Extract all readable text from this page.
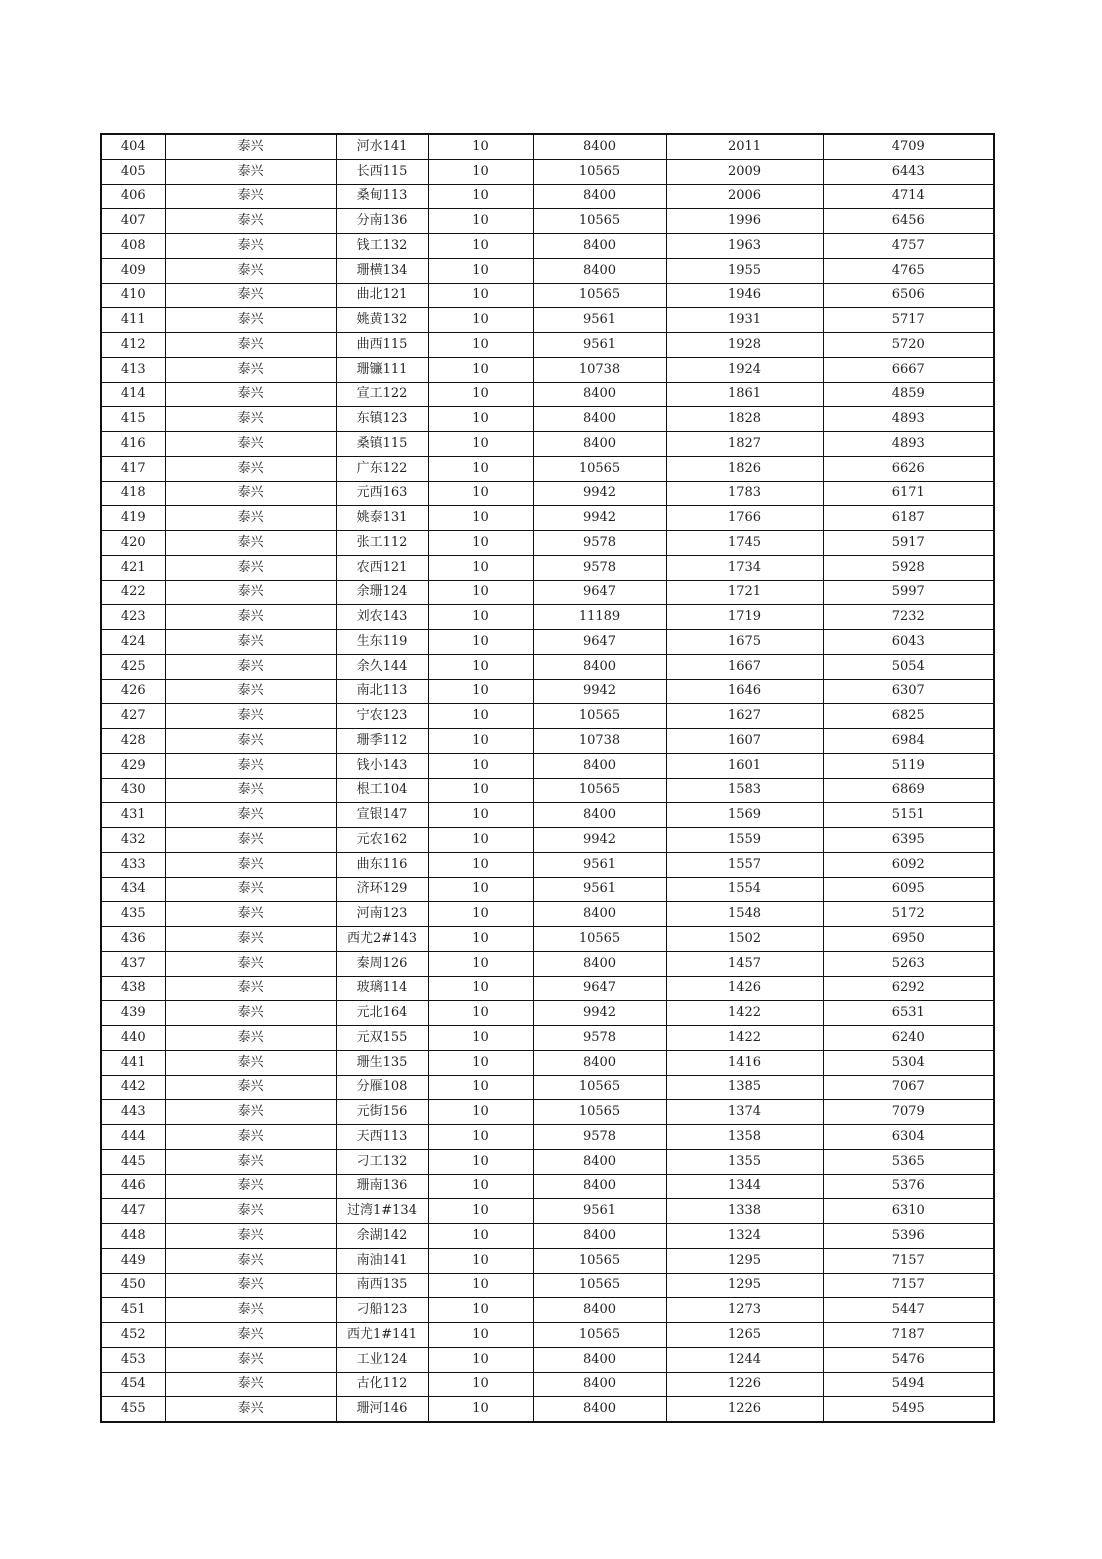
404	泰兴	河水141	10	8400	2011	4709
405	泰兴	长西115	10	10565	2009	6443
406	泰兴	桑甸113	10	8400	2006	4714
407	泰兴	分南136	10	10565	1996	6456
408	泰兴	钱工132	10	8400	1963	4757
409	泰兴	珊横134	10	8400	1955	4765
410	泰兴	曲北121	10	10565	1946	6506
411	泰兴	姚黄132	10	9561	1931	5717
412	泰兴	曲西115	10	9561	1928	5720
413	泰兴	珊镰111	10	10738	1924	6667
414	泰兴	宣工122	10	8400	1861	4859
415	泰兴	东镇123	10	8400	1828	4893
416	泰兴	桑镇115	10	8400	1827	4893
417	泰兴	广东122	10	10565	1826	6626
418	泰兴	元西163	10	9942	1783	6171
419	泰兴	姚泰131	10	9942	1766	6187
420	泰兴	张工112	10	9578	1745	5917
421	泰兴	农西121	10	9578	1734	5928
422	泰兴	余珊124	10	9647	1721	5997
423	泰兴	刘农143	10	11189	1719	7232
424	泰兴	生东119	10	9647	1675	6043
425	泰兴	余久144	10	8400	1667	5054
426	泰兴	南北113	10	9942	1646	6307
427	泰兴	宁农123	10	10565	1627	6825
428	泰兴	珊季112	10	10738	1607	6984
429	泰兴	钱小143	10	8400	1601	5119
430	泰兴	根工104	10	10565	1583	6869
431	泰兴	宣银147	10	8400	1569	5151
432	泰兴	元农162	10	9942	1559	6395
433	泰兴	曲东116	10	9561	1557	6092
434	泰兴	济环129	10	9561	1554	6095
435	泰兴	河南123	10	8400	1548	5172
436	泰兴	西尤2#143	10	10565	1502	6950
437	泰兴	秦周126	10	8400	1457	5263
438	泰兴	玻璃114	10	9647	1426	6292
439	泰兴	元北164	10	9942	1422	6531
440	泰兴	元双155	10	9578	1422	6240
441	泰兴	珊生135	10	8400	1416	5304
442	泰兴	分雁108	10	10565	1385	7067
443	泰兴	元街156	10	10565	1374	7079
444	泰兴	天西113	10	9578	1358	6304
445	泰兴	刁工132	10	8400	1355	5365
446	泰兴	珊南136	10	8400	1344	5376
447	泰兴	过湾1#134	10	9561	1338	6310
448	泰兴	余湖142	10	8400	1324	5396
449	泰兴	南油141	10	10565	1295	7157
450	泰兴	南西135	10	10565	1295	7157
451	泰兴	刁船123	10	8400	1273	5447
452	泰兴	西尤1#141	10	10565	1265	7187
453	泰兴	工业124	10	8400	1244	5476
454	泰兴	古化112	10	8400	1226	5494
455	泰兴	珊河146	10	8400	1226	5495
